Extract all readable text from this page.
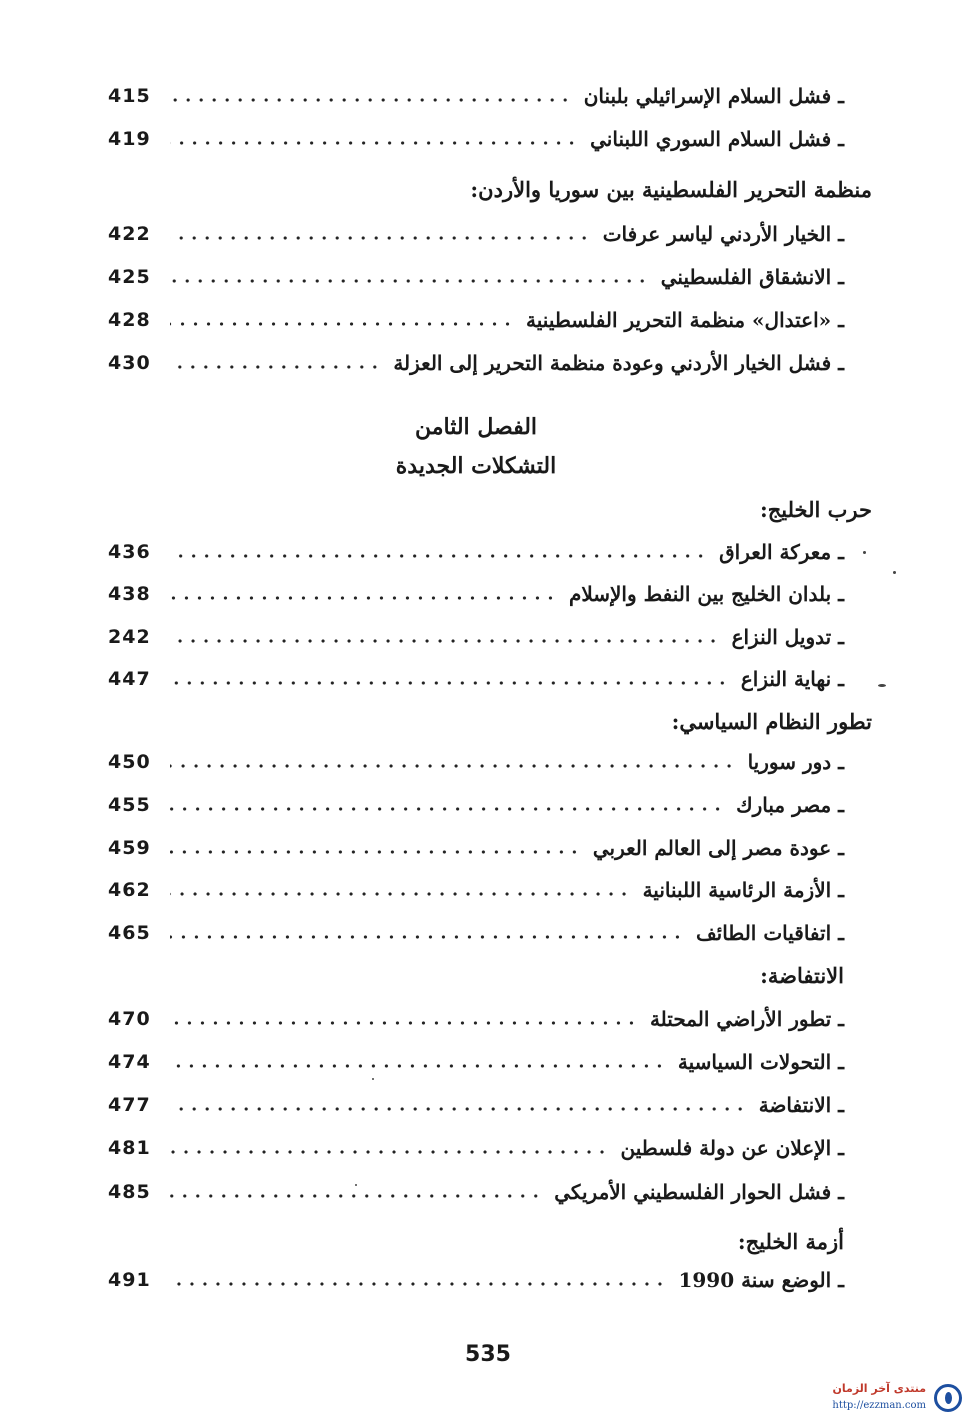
415	ـ فشل السلام الإسرائيلي بلبنان
419	ـ فشل السلام السوري اللبناني
منظمة التحرير الفلسطينية بين سوريا والأردن:
422	ـ الخيار الأردني لياسر عرفات
425	ـ الانشقاق الفلسطيني
428	ـ «اعتدال» منظمة التحرير الفلسطينية
430	ـ فشل الخيار الأردني وعودة منظمة التحرير إلى العزلة
الفصل الثامن
التشكلات الجديدة
حرب الخليج:
436	ـ معركة العراق
438	ـ بلدان الخليج بين النفط والإسلام
242	ـ تدويل النزاع
447	ـ نهاية النزاع
تطور النظام السياسي:
450	ـ دور سوريا
455	ـ مصر مبارك
459	ـ عودة مصر إلى العالم العربي
462	ـ الأزمة الرئاسية اللبنانية
465	ـ اتفاقيات الطائف
الانتفاضة:
470	ـ تطور الأراضي المحتلة
474	ـ التحولات السياسية
477	ـ الانتفاضة
481	ـ الإعلان عن دولة فلسطين
485	ـ فشل الحوار الفلسطيني الأمريكي
أزمة الخليج:
491	ـ الوضع سنة 1990
535
منتدى آخر الزمان
http://ezzman.com
